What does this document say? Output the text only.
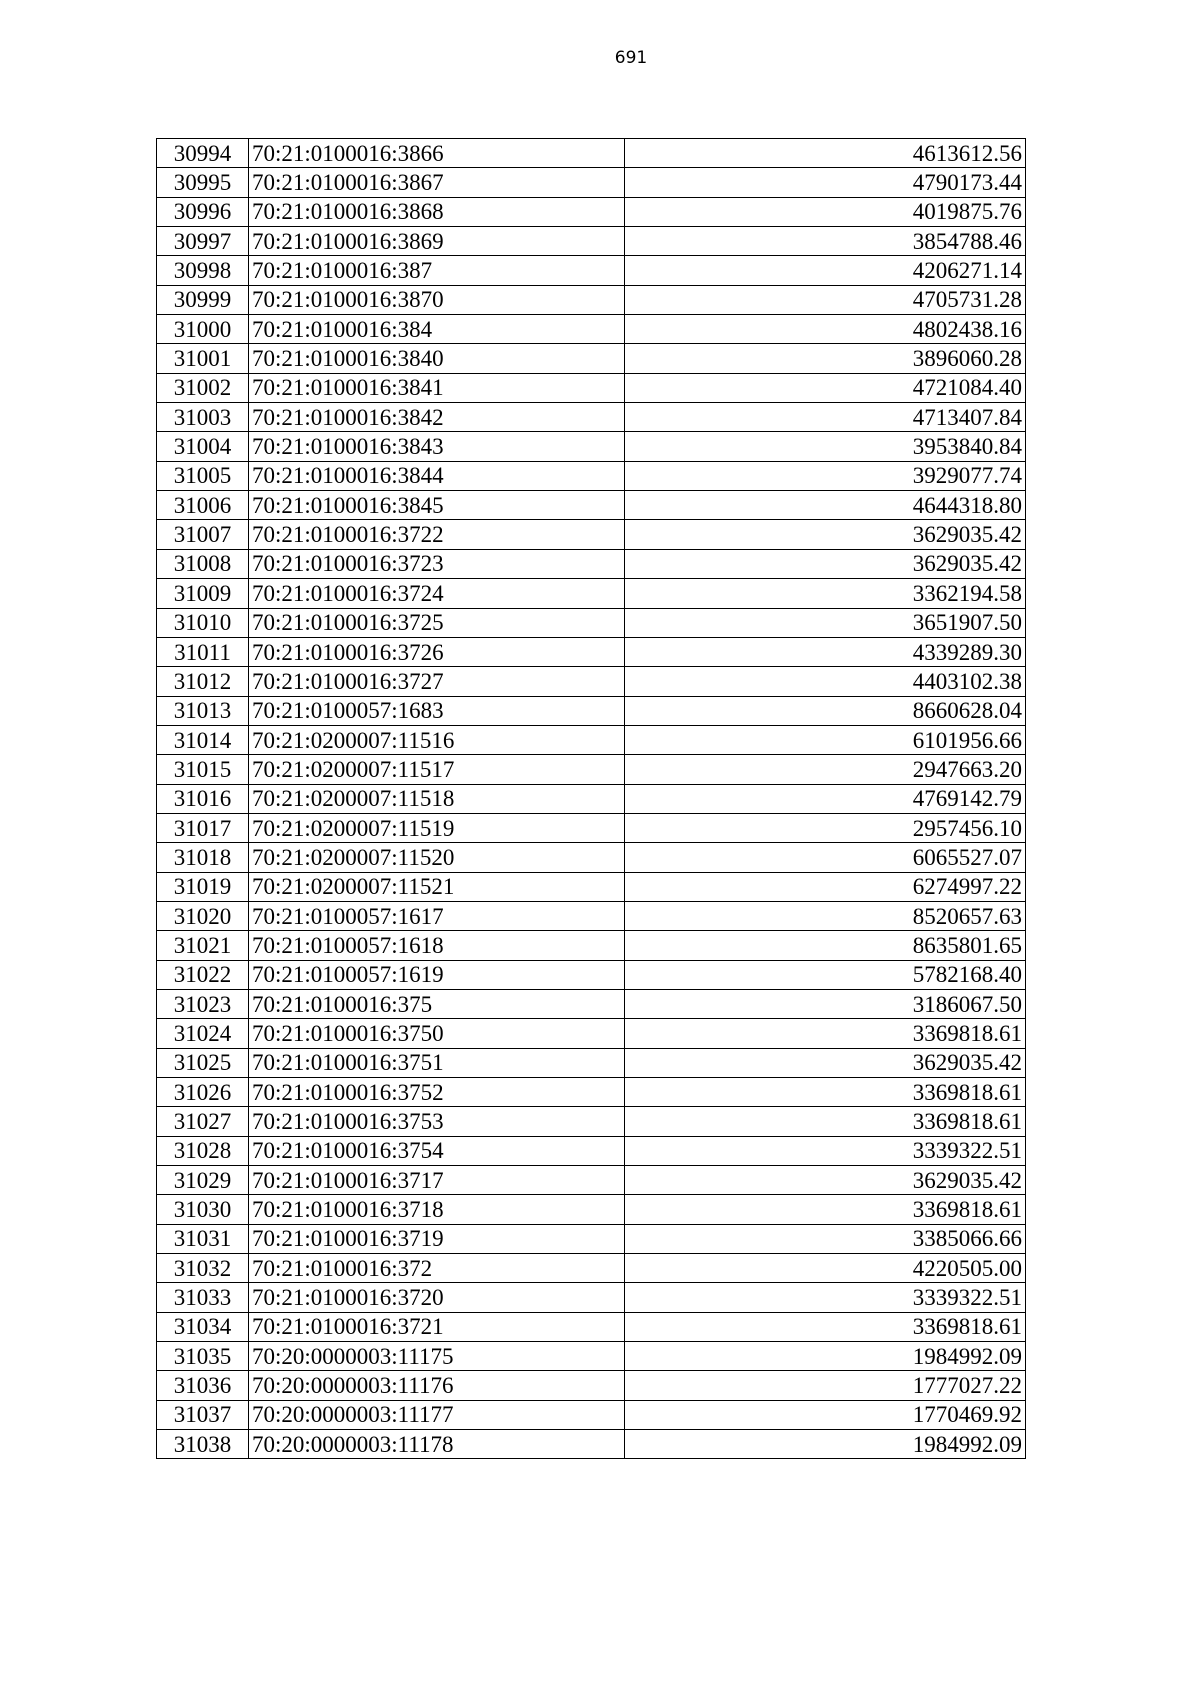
691
30994	70:21:0100016:3866	4613612.56
30995	70:21:0100016:3867	4790173.44
30996	70:21:0100016:3868	4019875.76
30997	70:21:0100016:3869	3854788.46
30998	70:21:0100016:387	4206271.14
30999	70:21:0100016:3870	4705731.28
31000	70:21:0100016:384	4802438.16
31001	70:21:0100016:3840	3896060.28
31002	70:21:0100016:3841	4721084.40
31003	70:21:0100016:3842	4713407.84
31004	70:21:0100016:3843	3953840.84
31005	70:21:0100016:3844	3929077.74
31006	70:21:0100016:3845	4644318.80
31007	70:21:0100016:3722	3629035.42
31008	70:21:0100016:3723	3629035.42
31009	70:21:0100016:3724	3362194.58
31010	70:21:0100016:3725	3651907.50
31011	70:21:0100016:3726	4339289.30
31012	70:21:0100016:3727	4403102.38
31013	70:21:0100057:1683	8660628.04
31014	70:21:0200007:11516	6101956.66
31015	70:21:0200007:11517	2947663.20
31016	70:21:0200007:11518	4769142.79
31017	70:21:0200007:11519	2957456.10
31018	70:21:0200007:11520	6065527.07
31019	70:21:0200007:11521	6274997.22
31020	70:21:0100057:1617	8520657.63
31021	70:21:0100057:1618	8635801.65
31022	70:21:0100057:1619	5782168.40
31023	70:21:0100016:375	3186067.50
31024	70:21:0100016:3750	3369818.61
31025	70:21:0100016:3751	3629035.42
31026	70:21:0100016:3752	3369818.61
31027	70:21:0100016:3753	3369818.61
31028	70:21:0100016:3754	3339322.51
31029	70:21:0100016:3717	3629035.42
31030	70:21:0100016:3718	3369818.61
31031	70:21:0100016:3719	3385066.66
31032	70:21:0100016:372	4220505.00
31033	70:21:0100016:3720	3339322.51
31034	70:21:0100016:3721	3369818.61
31035	70:20:0000003:11175	1984992.09
31036	70:20:0000003:11176	1777027.22
31037	70:20:0000003:11177	1770469.92
31038	70:20:0000003:11178	1984992.09
